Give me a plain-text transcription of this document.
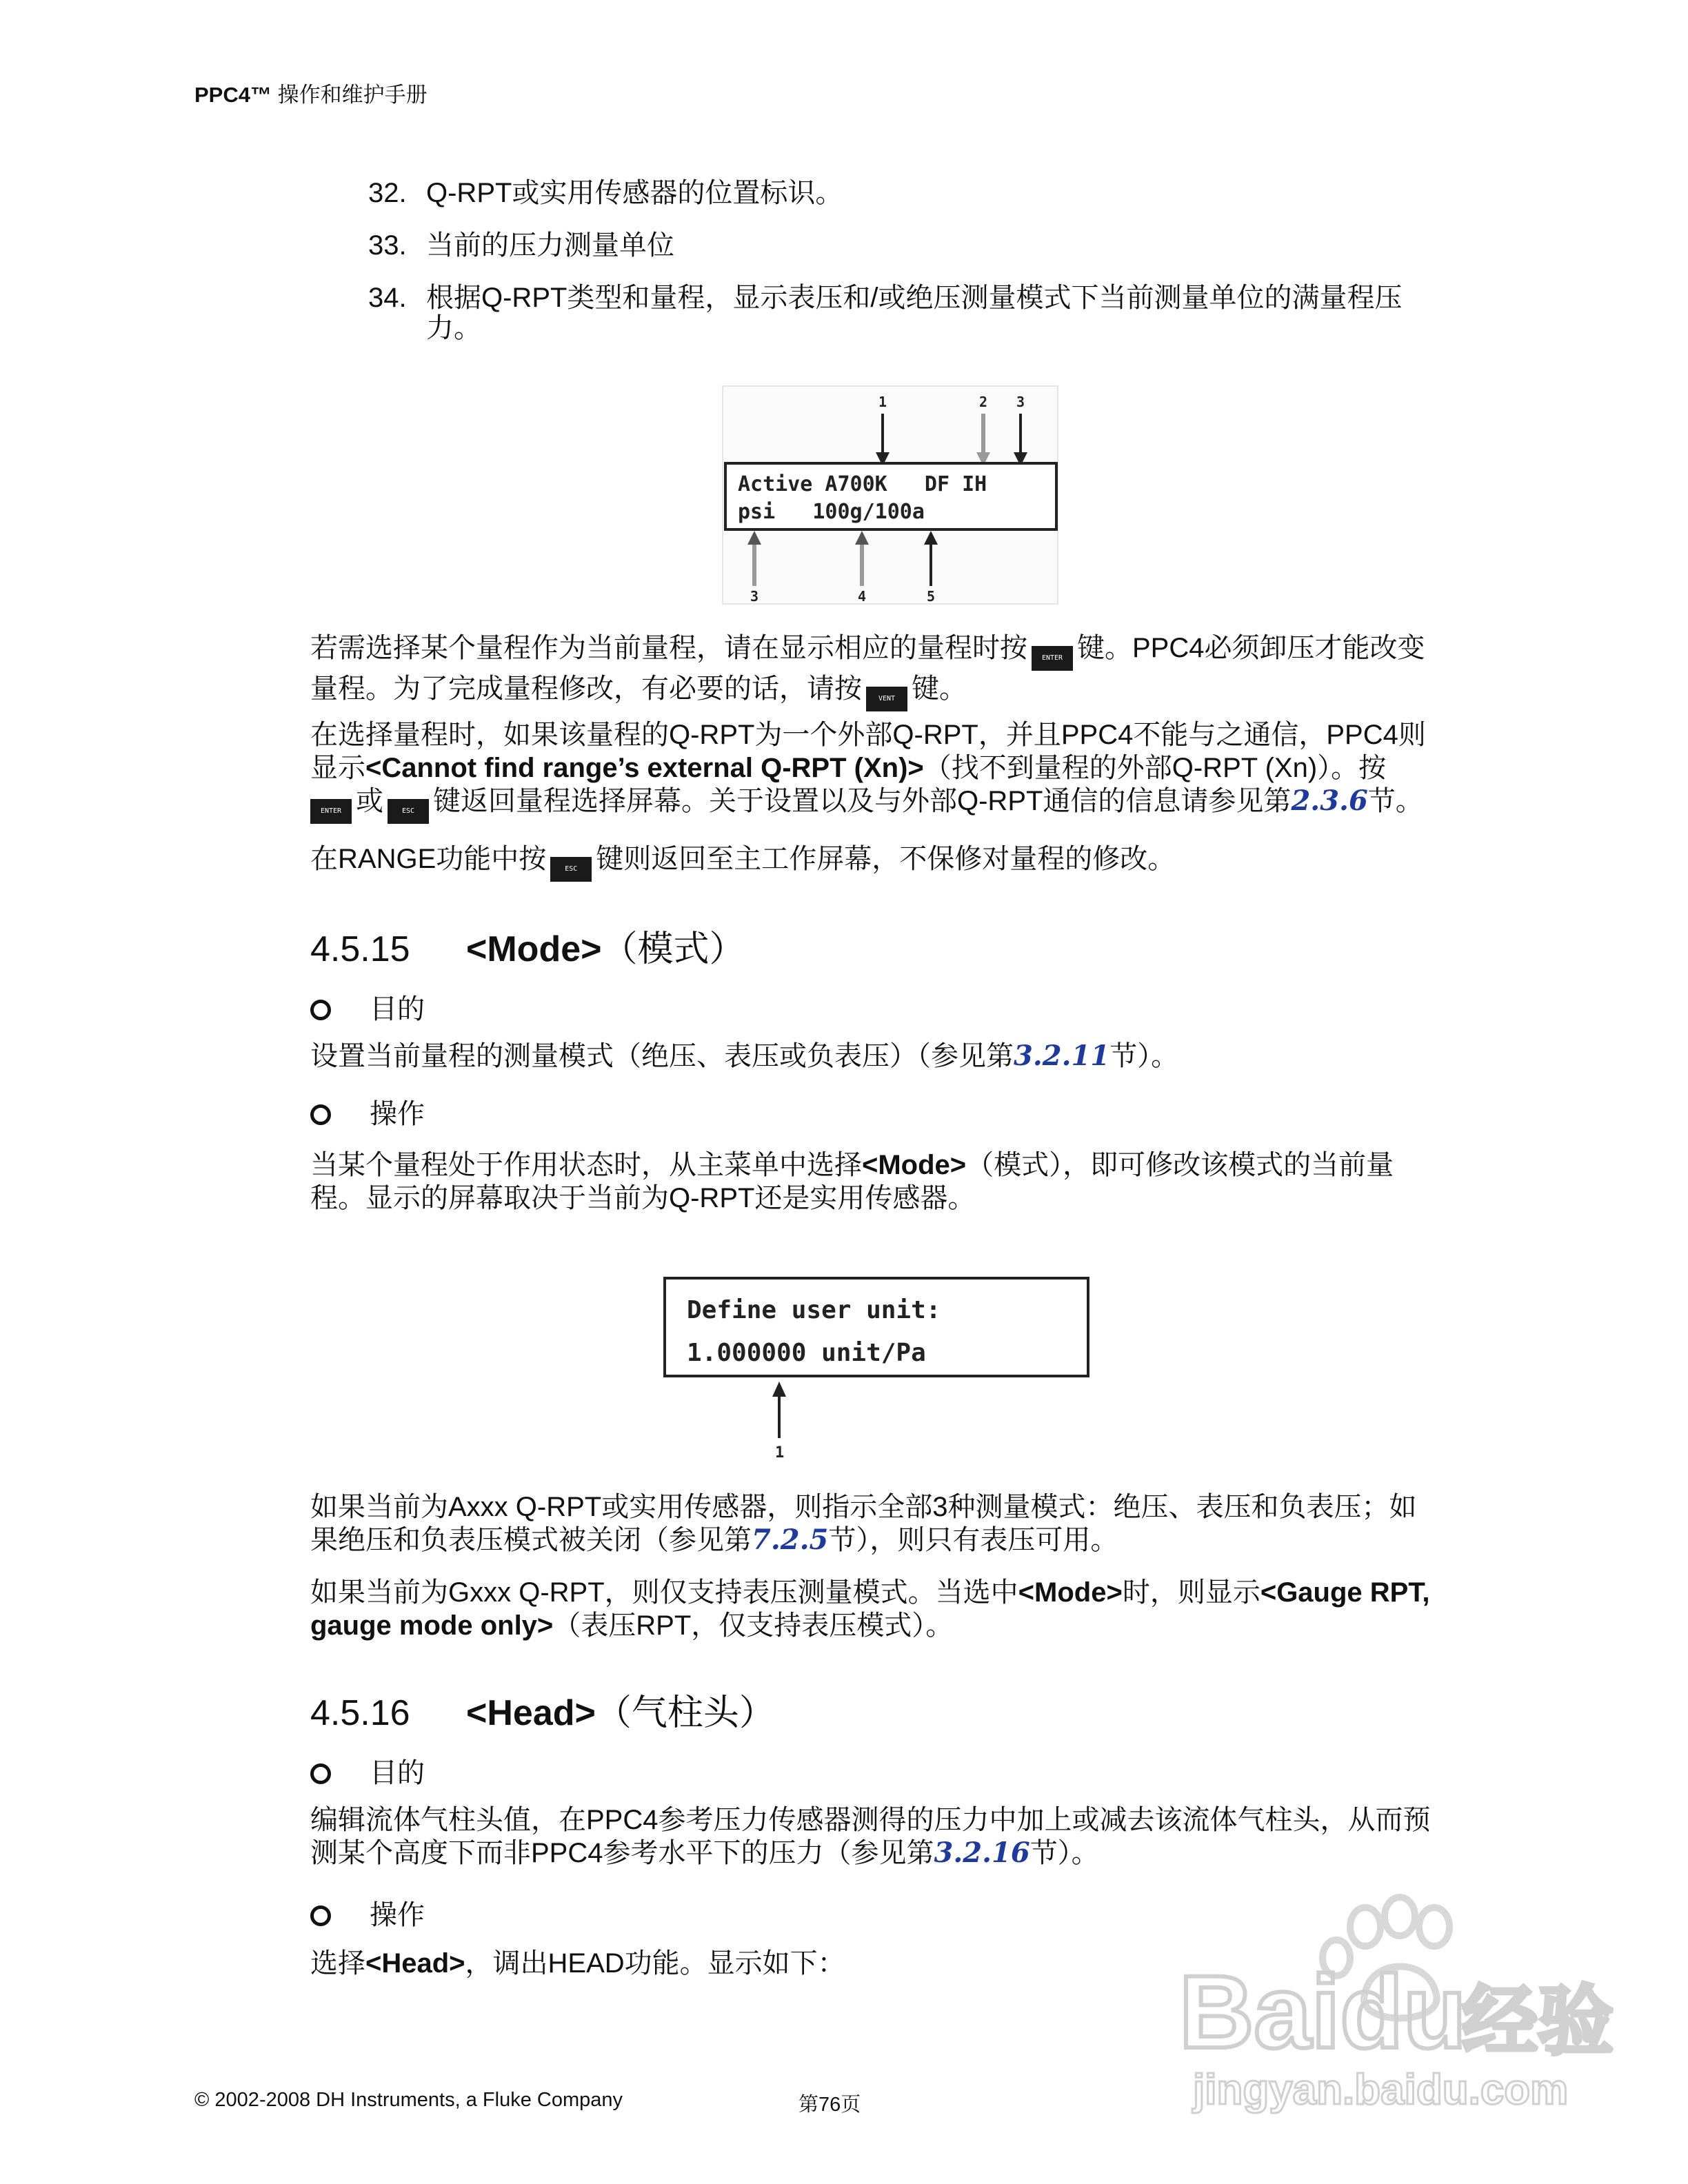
PPC4™ 操作和维护手册
32. Q-RPT或实用传感器的位置标识。
33. 当前的压力测量单位
34. 根据Q-RPT类型和量程，显示表压和/或绝压测量模式下当前测量单位的满量程压
力。
1	2 3
Active A700K   DF IH
psi   100g/100a
3	4	5
若需选择某个量程作为当前量程，请在显示相应的量程时按 ENTER 键。PPC4必须卸压才能改变
量程。为了完成量程修改，有必要的话，请按 VENT 键。
在选择量程时，如果该量程的Q-RPT为一个外部Q-RPT，并且PPC4不能与之通信，PPC4则
显示<Cannot find range’s external Q-RPT (Xn)>（找不到量程的外部Q-RPT (Xn)）。按
ENTER 或	ESC 键返回量程选择屏幕。关于设置以及与外部Q-RPT通信的信息请参见第2.3.6节。
在RANGE功能中按	ESC 键则返回至主工作屏幕，不保修对量程的修改。
4.5.15 <Mode>（模式）
目的
设置当前量程的测量模式（绝压、表压或负表压）（参见第3.2.11节）。
操作
当某个量程处于作用状态时，从主菜单中选择<Mode>（模式），即可修改该模式的当前量
程。显示的屏幕取决于当前为Q-RPT还是实用传感器。
Define user unit:
1.000000 unit/Pa
1
如果当前为Axxx Q-RPT或实用传感器，则指示全部3种测量模式：绝压、表压和负表压；如
果绝压和负表压模式被关闭（参见第7.2.5节），则只有表压可用。
如果当前为Gxxx Q-RPT，则仅支持表压测量模式。当选中<Mode>时，则显示<Gauge RPT,
gauge mode only>（表压RPT，仅支持表压模式）。
4.5.16 <Head>（气柱头）
目的
编辑流体气柱头值，在PPC4参考压力传感器测得的压力中加上或减去该流体气柱头，从而预
测某个高度下而非PPC4参考水平下的压力（参见第3.2.16节）。
操作
选择<Head>，调出HEAD功能。显示如下：	Baidu
经验
jingyan.baidu.com
© 2002-2008 DH Instruments, a Fluke Company	第76页
